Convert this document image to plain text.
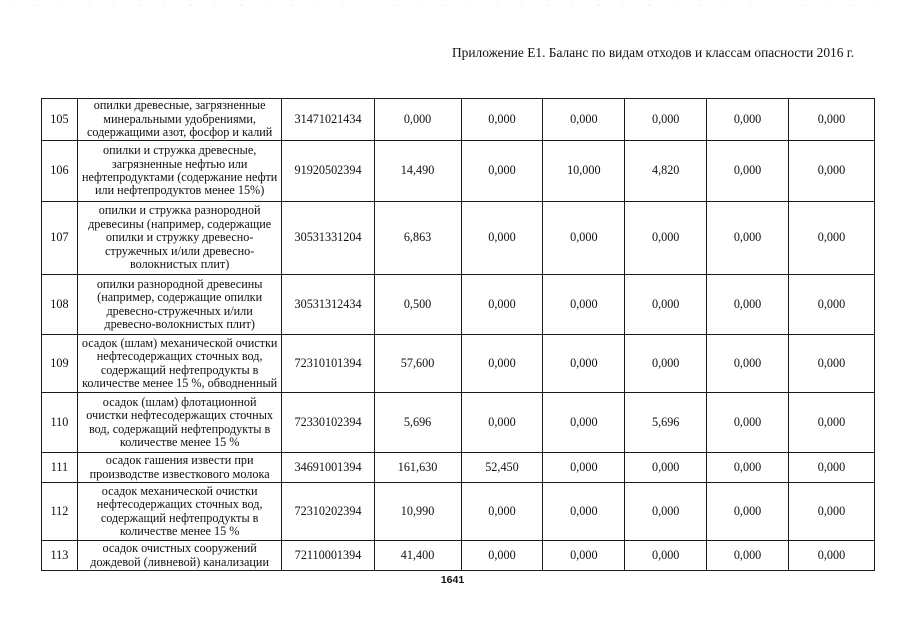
Приложение Е1. Баланс по видам отходов и классам опасности 2016 г.
105	опилки древесные, загрязненные минеральными удобрениями, содержащими азот, фосфор и калий	31471021434	0,000	0,000	0,000	0,000	0,000	0,000
106	опилки и стружка древесные, загрязненные нефтью или нефтепродуктами (содержание нефти или нефтепродуктов менее 15%)	91920502394	14,490	0,000	10,000	4,820	0,000	0,000
107	опилки и стружка разнородной древесины (например, содержащие опилки и стружку древесно-стружечных и/или древесно-волокнистых плит)	30531331204	6,863	0,000	0,000	0,000	0,000	0,000
108	опилки разнородной древесины (например, содержащие опилки древесно-стружечных и/или древесно-волокнистых плит)	30531312434	0,500	0,000	0,000	0,000	0,000	0,000
109	осадок (шлам) механической очистки нефтесодержащих сточных вод, содержащий нефтепродукты в количестве менее 15 %, обводненный	72310101394	57,600	0,000	0,000	0,000	0,000	0,000
110	осадок (шлам) флотационной очистки нефтесодержащих сточных вод, содержащий нефтепродукты в количестве менее 15 %	72330102394	5,696	0,000	0,000	5,696	0,000	0,000
111	осадок гашения извести при производстве известкового молока	34691001394	161,630	52,450	0,000	0,000	0,000	0,000
112	осадок механической очистки нефтесодержащих сточных вод, содержащий нефтепродукты в количестве менее 15 %	72310202394	10,990	0,000	0,000	0,000	0,000	0,000
113	осадок очистных сооружений дождевой (ливневой) канализации	72110001394	41,400	0,000	0,000	0,000	0,000	0,000
1641
